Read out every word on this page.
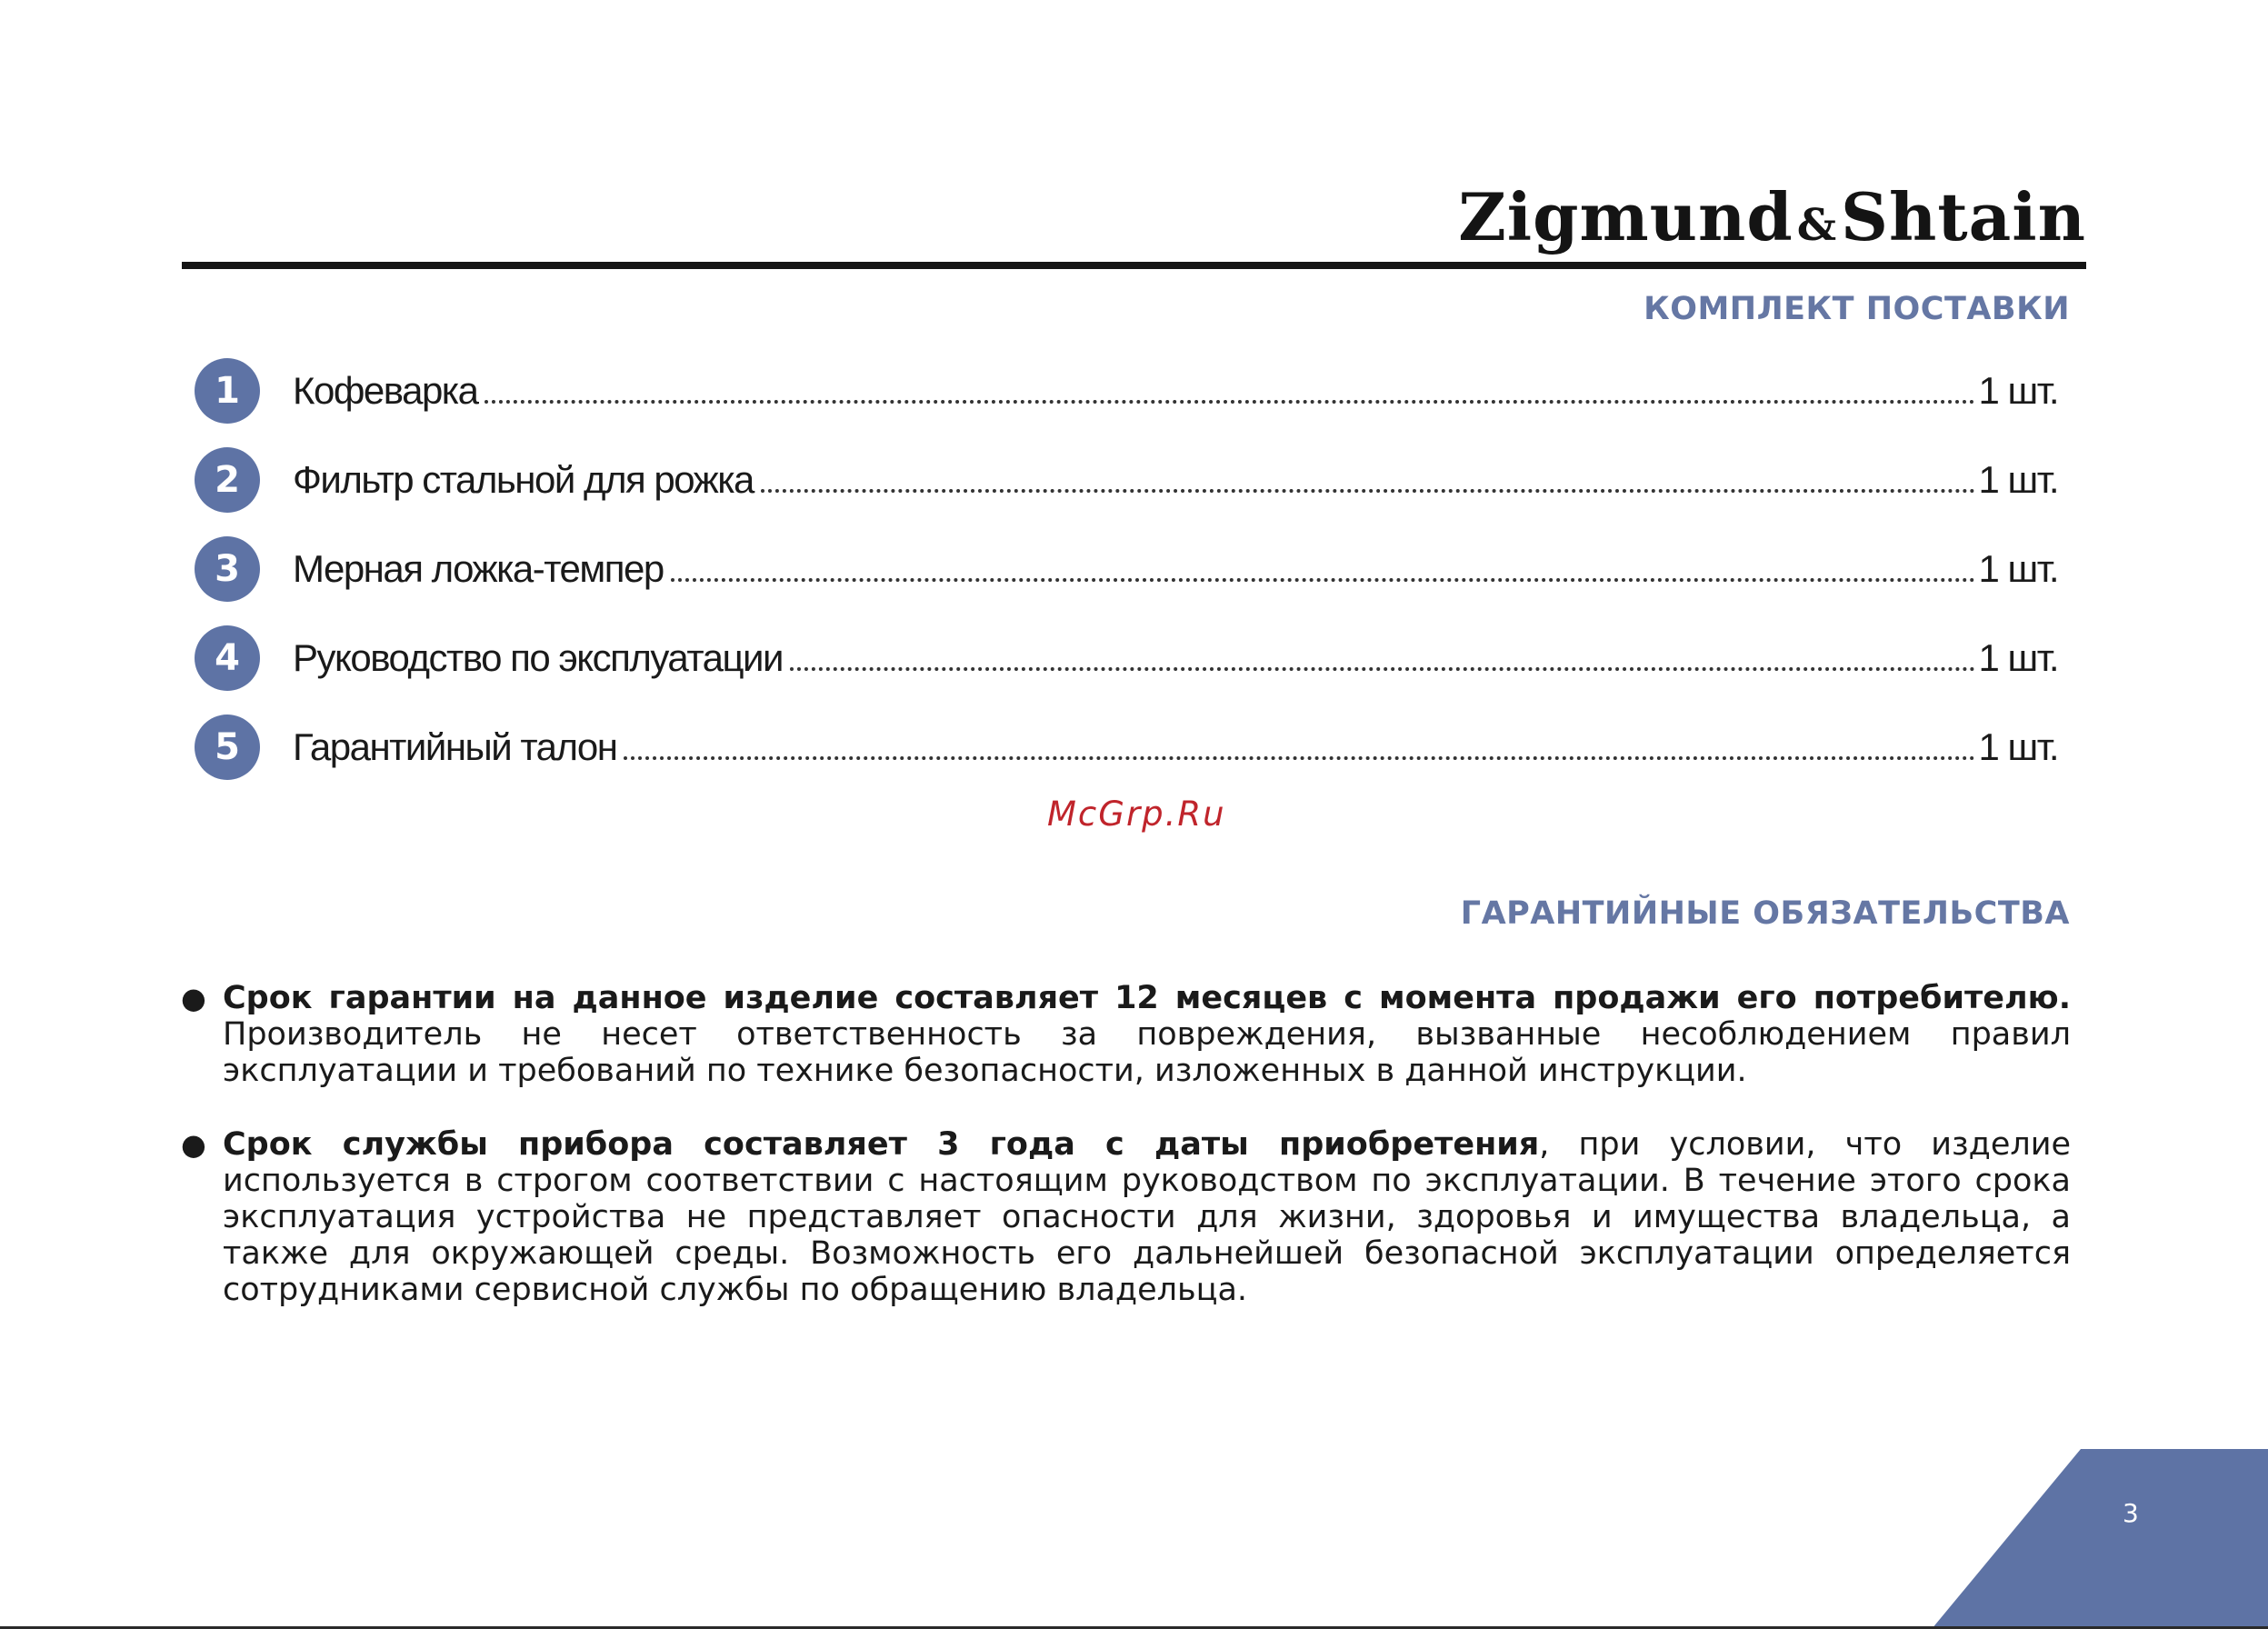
Zigmund&Shtain
КОМПЛЕКТ ПОСТАВКИ
1	Кофеварка	1 шт.
2	Фильтр стальной для рожка	1 шт.
3	Мерная ложка-темпер	1 шт.
4	Руководство по эксплуатации	1 шт.
5	Гарантийный талон	1 шт.
McGrp.Ru
ГАРАНТИЙНЫЕ ОБЯЗАТЕЛЬСТВА
● Срок гарантии на данное изделие составляет 12 месяцев с момента продажи его потребителю. Производитель не несет ответственность за повреждения, вызванные несоблюдением правил эксплуатации и требований по технике безопасности, изложенных в данной инструкции.
● Срок службы прибора составляет 3 года с даты приобретения, при условии, что изделие используется в строгом соответствии с настоящим руководством по эксплуатации. В течение этого срока эксплуатация устройства не представляет опасности для жизни, здоровья и имущества владельца, а также для окружающей среды. Возможность его дальнейшей безопасной эксплуатации определяется сотрудниками сервисной службы по обращению владельца.
3
